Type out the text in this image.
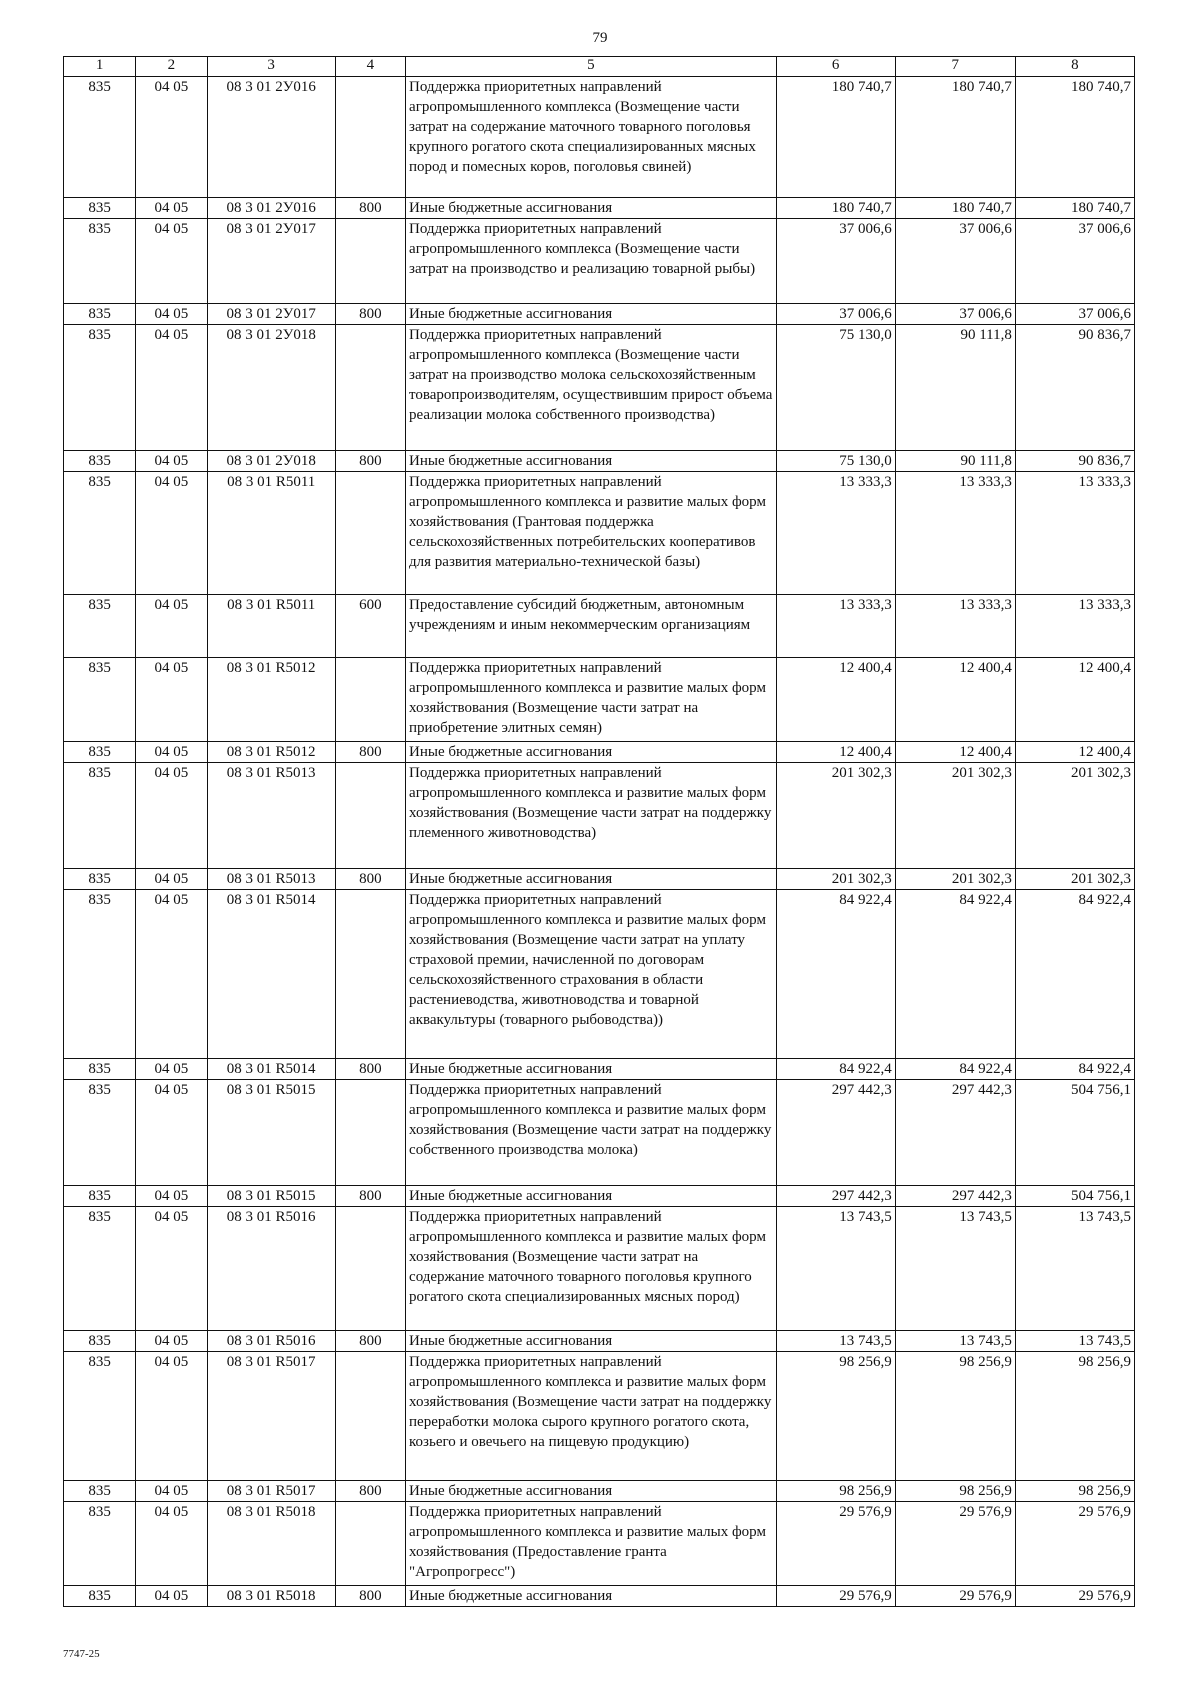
79
1	2	3	4	5	6	7	8
835	04 05	08 3 01 2У016		Поддержка приоритетных направлений агропромышленного комплекса (Возмещение части затрат на содержание маточного товарного поголовья крупного рогатого скота специализированных мясных пород и помесных коров, поголовья свиней)	180 740,7	180 740,7	180 740,7
835	04 05	08 3 01 2У016	800	Иные бюджетные ассигнования	180 740,7	180 740,7	180 740,7
835	04 05	08 3 01 2У017		Поддержка приоритетных направлений агропромышленного комплекса (Возмещение части затрат на производство и реализацию товарной рыбы)	37 006,6	37 006,6	37 006,6
835	04 05	08 3 01 2У017	800	Иные бюджетные ассигнования	37 006,6	37 006,6	37 006,6
835	04 05	08 3 01 2У018		Поддержка приоритетных направлений агропромышленного комплекса (Возмещение части затрат на производство молока сельскохозяйственным товаропроизводителям, осуществившим прирост объема реализации молока собственного производства)	75 130,0	90 111,8	90 836,7
835	04 05	08 3 01 2У018	800	Иные бюджетные ассигнования	75 130,0	90 111,8	90 836,7
835	04 05	08 3 01 R5011		Поддержка приоритетных направлений агропромышленного комплекса и развитие малых форм хозяйствования (Грантовая поддержка сельскохозяйственных потребительских кооперативов для развития материально-технической базы)	13 333,3	13 333,3	13 333,3
835	04 05	08 3 01 R5011	600	Предоставление субсидий бюджетным, автономным учреждениям и иным некоммерческим организациям	13 333,3	13 333,3	13 333,3
835	04 05	08 3 01 R5012		Поддержка приоритетных направлений агропромышленного комплекса и развитие малых форм хозяйствования (Возмещение части затрат на приобретение элитных семян)	12 400,4	12 400,4	12 400,4
835	04 05	08 3 01 R5012	800	Иные бюджетные ассигнования	12 400,4	12 400,4	12 400,4
835	04 05	08 3 01 R5013		Поддержка приоритетных направлений агропромышленного комплекса и развитие малых форм хозяйствования (Возмещение части затрат на поддержку племенного животноводства)	201 302,3	201 302,3	201 302,3
835	04 05	08 3 01 R5013	800	Иные бюджетные ассигнования	201 302,3	201 302,3	201 302,3
835	04 05	08 3 01 R5014		Поддержка приоритетных направлений агропромышленного комплекса и развитие малых форм хозяйствования (Возмещение части затрат на уплату страховой премии, начисленной по договорам сельскохозяйственного страхования в области растениеводства, животноводства и товарной аквакультуры (товарного рыбоводства))	84 922,4	84 922,4	84 922,4
835	04 05	08 3 01 R5014	800	Иные бюджетные ассигнования	84 922,4	84 922,4	84 922,4
835	04 05	08 3 01 R5015		Поддержка приоритетных направлений агропромышленного комплекса и развитие малых форм хозяйствования (Возмещение части затрат на поддержку собственного производства молока)	297 442,3	297 442,3	504 756,1
835	04 05	08 3 01 R5015	800	Иные бюджетные ассигнования	297 442,3	297 442,3	504 756,1
835	04 05	08 3 01 R5016		Поддержка приоритетных направлений агропромышленного комплекса и развитие малых форм хозяйствования (Возмещение части затрат на содержание маточного товарного поголовья крупного рогатого скота специализированных мясных пород)	13 743,5	13 743,5	13 743,5
835	04 05	08 3 01 R5016	800	Иные бюджетные ассигнования	13 743,5	13 743,5	13 743,5
835	04 05	08 3 01 R5017		Поддержка приоритетных направлений агропромышленного комплекса и развитие малых форм хозяйствования (Возмещение части затрат на поддержку переработки молока сырого крупного рогатого скота, козьего и овечьего на пищевую продукцию)	98 256,9	98 256,9	98 256,9
835	04 05	08 3 01 R5017	800	Иные бюджетные ассигнования	98 256,9	98 256,9	98 256,9
835	04 05	08 3 01 R5018		Поддержка приоритетных направлений агропромышленного комплекса и развитие малых форм хозяйствования (Предоставление гранта "Агропрогресс")	29 576,9	29 576,9	29 576,9
835	04 05	08 3 01 R5018	800	Иные бюджетные ассигнования	29 576,9	29 576,9	29 576,9
7747-25
